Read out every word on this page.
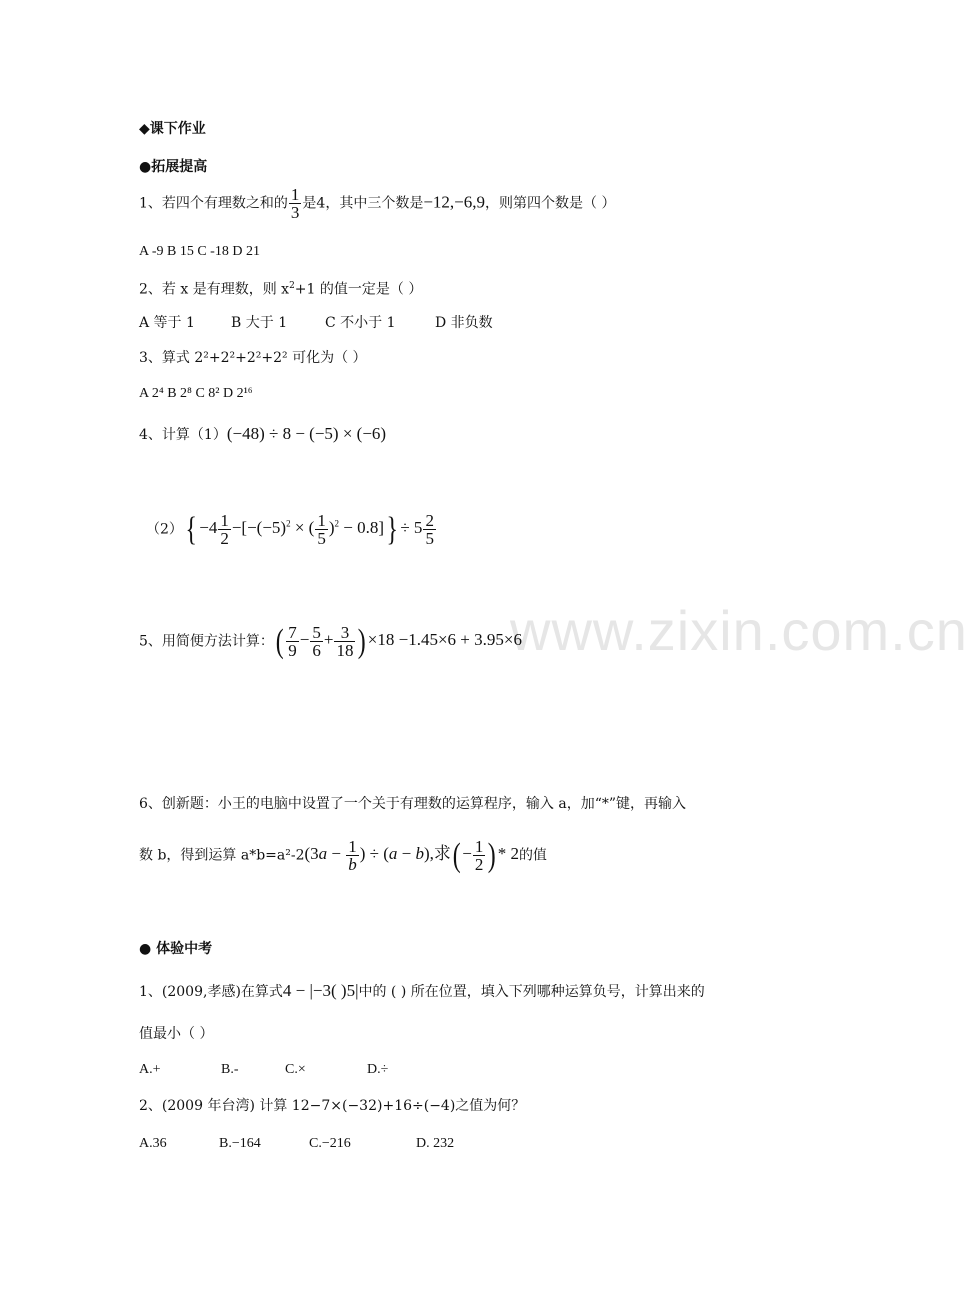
www.zixin.com.cn
◆课下作业
●拓展提高
1、若四个有理数之和的 $\frac{1}{3}$ 是4，其中三个数是−12,−6,9，则第四个数是（ ）
A -9 B 15 C -18 D 21
2、若 x 是有理数，则 $x^2+1$ 的值一定是（ ）
A 等于 1	B 大于 1	C 不小于 1	D 非负数
3、算式 2²+2²+2²+2² 可化为（ ）
A 2⁴ B 2⁸ C 8² D 2¹⁶
4、计算（1）(−48) ÷ 8 − (−5) × (−6)
$(2)\{ -4 \frac{1}{2} -[-(-5)^2$ × ( $\frac{1}{5} )^2 - 0.8]\} \div 5 \frac{2}{5}$
5、用简便方法计算：( $\frac{7}{9} - \frac{5}{6} + \frac{3}{18} )\times 18 -1.45\times 6 + 3.95\times 6$
6、创新题：小王的电脑中设置了一个关于有理数的运算程序，输入 a，加“*”键，再输入
数 b，得到运算 $a*b=a^2-2(3a - \frac{1}{b}$ ) ÷ (a − b),求(− $\frac{1}{2}$ )* 2的值
● 体验中考
1、(2009,孝感)在算式4 − |−3( )5|中的 ( ) 所在位置，填入下列哪种运算负号，计算出来的
值最小（ ）
A.+	B.-	C.×	D.÷
2、(2009 年台湾) 计算 12−7×(−32)+16÷(−4)之值为何？
A.36	B.−164	C.−216	D. 232
